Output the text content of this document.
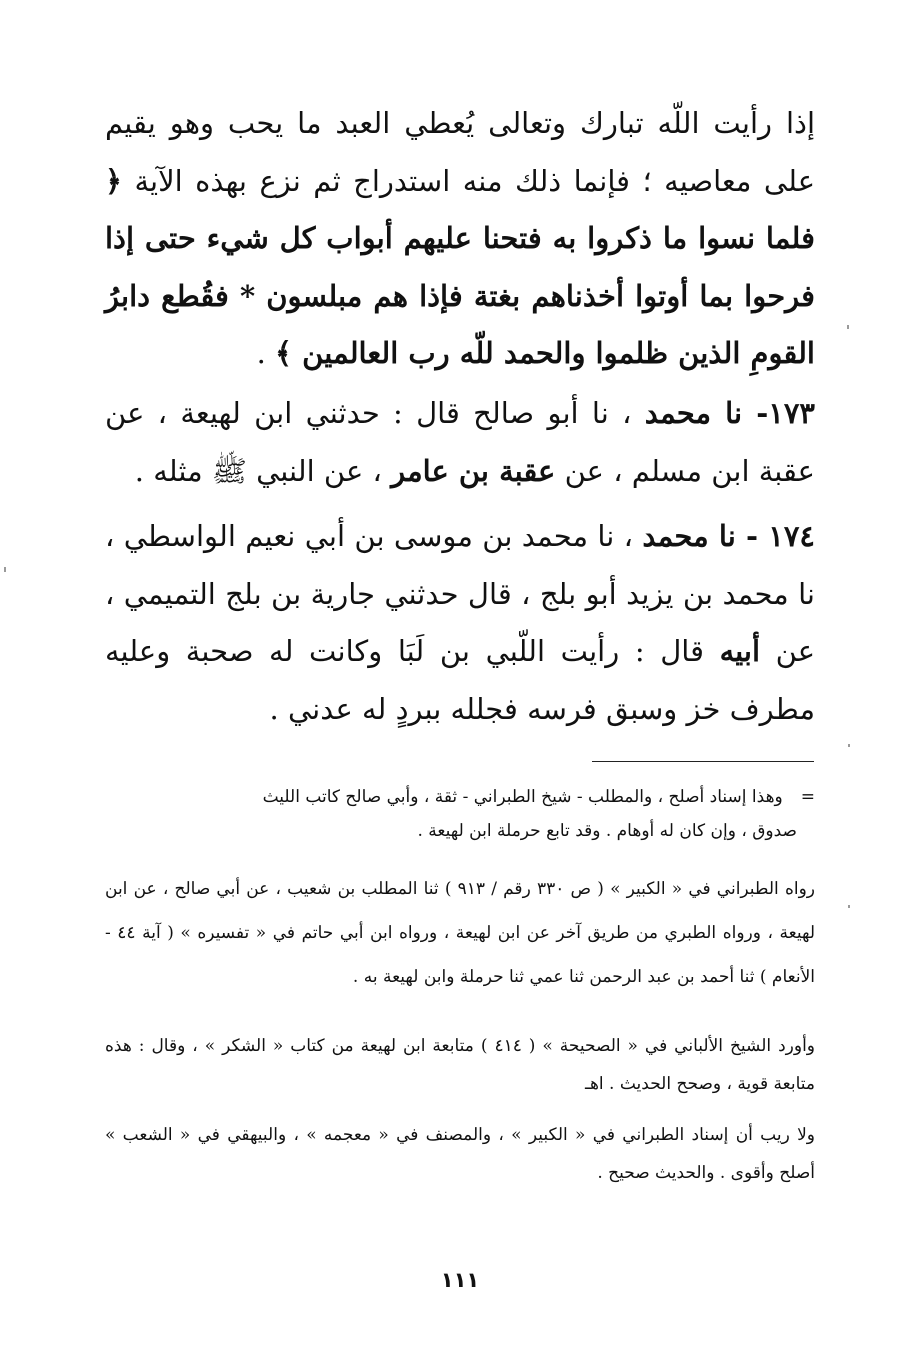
إذا رأيت اللّه تبارك وتعالى يُعطي العبد ما يحب وهو يقيم على معاصيه ؛ فإنما ذلك منه استدراج ثم نزع بهذه الآية ﴿ فلما نسوا ما ذكروا به فتحنا عليهم أبواب كل شيء حتى إذا فرحوا بما أوتوا أخذناهم بغتة فإذا هم مبلسون * فقُطع دابرُ القومِ الذين ظلموا والحمد للّه رب العالمين ﴾ .

١٧٣- نا محمد ، نا أبو صالح قال : حدثني ابن لهيعة ، عن عقبة ابن مسلم ، عن عقبة بن عامر ، عن النبي ﷺ مثله .

١٧٤ - نا محمد ، نا محمد بن موسى بن أبي نعيم الواسطي ، نا محمد بن يزيد أبو بلج ، قال حدثني جارية بن بلج التميمي ، عن أبيه قال : رأيت اللّبي بن لَبَا وكانت له صحبة وعليه مطرف خز وسبق فرسه فجلله ببردٍ له عدني .

=وهذا إسناد أصلح ، والمطلب - شيخ الطبراني - ثقة ، وأبي صالح كاتب الليث

صدوق ، وإن كان له أوهام . وقد تابع حرملة ابن لهيعة .

رواه الطبراني في « الكبير » ( ص ٣٣٠ رقم / ٩١٣ ) ثنا المطلب بن شعيب ، عن أبي صالح ، عن ابن لهيعة ، ورواه الطبري من طريق آخر عن ابن لهيعة ، ورواه ابن أبي حاتم في « تفسيره » ( آية ٤٤ - الأنعام ) ثنا أحمد بن عبد الرحمن ثنا عمي ثنا حرملة وابن لهيعة به .

وأورد الشيخ الألباني في « الصحيحة » ( ٤١٤ ) متابعة ابن لهيعة من كتاب « الشكر » ، وقال : هذه متابعة قوية ، وصحح الحديث . اهـ

ولا ريب أن إسناد الطبراني في « الكبير » ، والمصنف في « معجمه » ، والبيهقي في « الشعب » أصلح وأقوى . والحديث صحيح .

١١١
